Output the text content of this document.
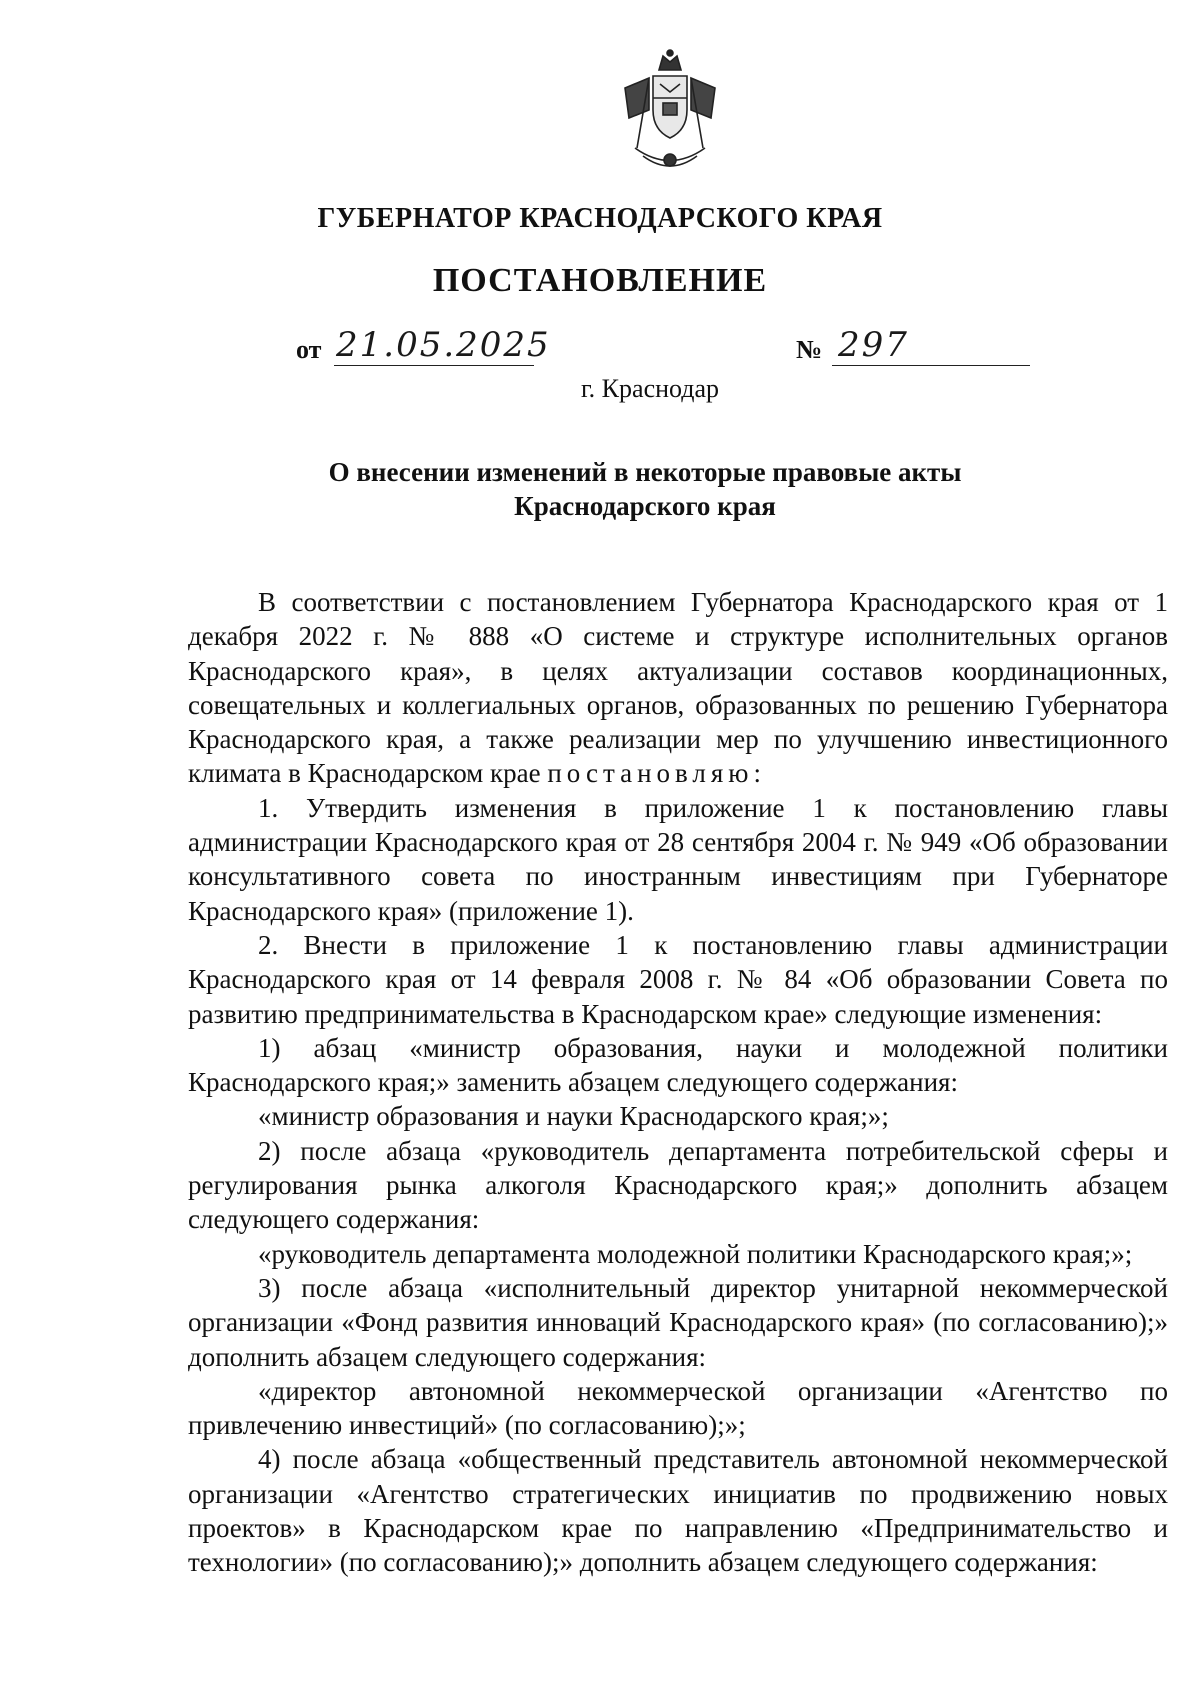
ГУБЕРНАТОР КРАСНОДАРСКОГО КРАЯ
ПОСТАНОВЛЕНИЕ
от 21.05.2025	№ 297
г. Краснодар
О внесении изменений в некоторые правовые акты
Краснодарского края

В соответствии с постановлением Губернатора Краснодарского края от 1 декабря 2022 г. № 888 «О системе и структуре исполнительных органов Краснодарского края», в целях актуализации составов координационных, совещательных и коллегиальных органов, образованных по решению Губернатора Краснодарского края, а также реализации мер по улучшению инвестиционного климата в Краснодарском крае постановляю:

1. Утвердить изменения в приложение 1 к постановлению главы администрации Краснодарского края от 28 сентября 2004 г. № 949 «Об образовании консультативного совета по иностранным инвестициям при Губернаторе Краснодарского края» (приложение 1).

2. Внести в приложение 1 к постановлению главы администрации Краснодарского края от 14 февраля 2008 г. № 84 «Об образовании Совета по развитию предпринимательства в Краснодарском крае» следующие изменения:

1) абзац «министр образования, науки и молодежной политики Краснодарского края;» заменить абзацем следующего содержания:

«министр образования и науки Краснодарского края;»;

2) после абзаца «руководитель департамента потребительской сферы и регулирования рынка алкоголя Краснодарского края;» дополнить абзацем следующего содержания:

«руководитель департамента молодежной политики Краснодарского края;»;

3) после абзаца «исполнительный директор унитарной некоммерческой организации «Фонд развития инноваций Краснодарского края» (по согласованию);» дополнить абзацем следующего содержания:

«директор автономной некоммерческой организации «Агентство по привлечению инвестиций» (по согласованию);»;

4) после абзаца «общественный представитель автономной некоммерческой организации «Агентство стратегических инициатив по продвижению новых проектов» в Краснодарском крае по направлению «Предпринимательство и технологии» (по согласованию);» дополнить абзацем следующего содержания:
